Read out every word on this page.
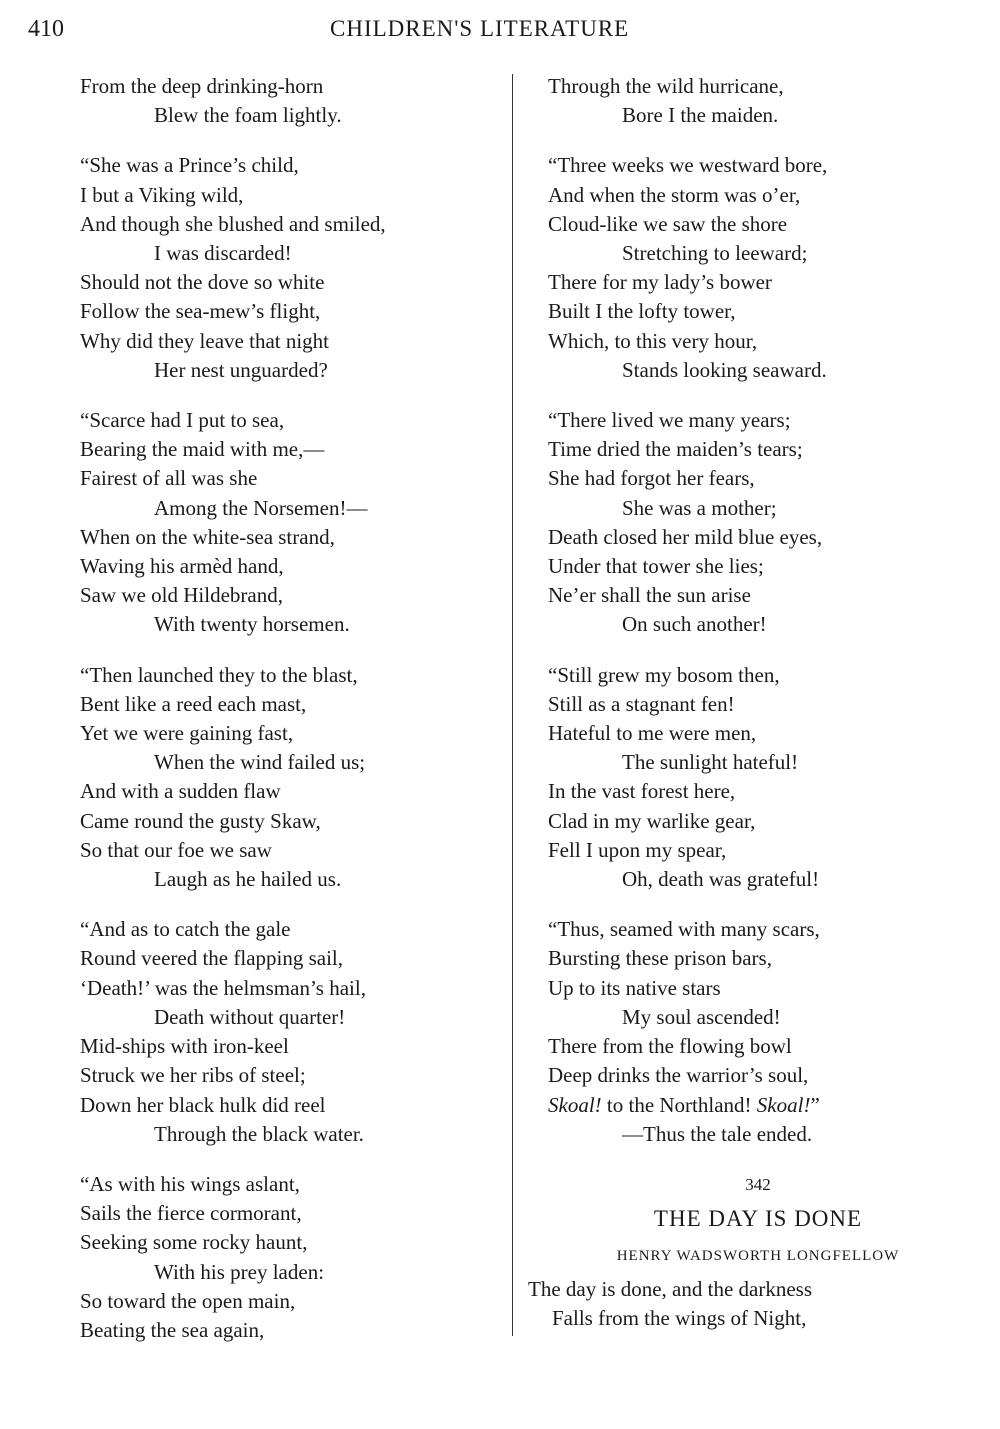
410	CHILDREN'S LITERATURE
From the deep drinking-horn
Blew the foam lightly.
“She was a Prince’s child,
I but a Viking wild,
And though she blushed and smiled,
I was discarded!
Should not the dove so white
Follow the sea-mew’s flight,
Why did they leave that night
Her nest unguarded?
“Scarce had I put to sea,
Bearing the maid with me,—
Fairest of all was she
Among the Norsemen!—
When on the white-sea strand,
Waving his armèd hand,
Saw we old Hildebrand,
With twenty horsemen.
“Then launched they to the blast,
Bent like a reed each mast,
Yet we were gaining fast,
When the wind failed us;
And with a sudden flaw
Came round the gusty Skaw,
So that our foe we saw
Laugh as he hailed us.
“And as to catch the gale
Round veered the flapping sail,
‘Death!’ was the helmsman’s hail,
Death without quarter!
Mid-ships with iron-keel
Struck we her ribs of steel;
Down her black hulk did reel
Through the black water.
“As with his wings aslant,
Sails the fierce cormorant,
Seeking some rocky haunt,
With his prey laden:
So toward the open main,
Beating the sea again,
Through the wild hurricane,
Bore I the maiden.
“Three weeks we westward bore,
And when the storm was o’er,
Cloud-like we saw the shore
Stretching to leeward;
There for my lady’s bower
Built I the lofty tower,
Which, to this very hour,
Stands looking seaward.
“There lived we many years;
Time dried the maiden’s tears;
She had forgot her fears,
She was a mother;
Death closed her mild blue eyes,
Under that tower she lies;
Ne’er shall the sun arise
On such another!
“Still grew my bosom then,
Still as a stagnant fen!
Hateful to me were men,
The sunlight hateful!
In the vast forest here,
Clad in my warlike gear,
Fell I upon my spear,
Oh, death was grateful!
“Thus, seamed with many scars,
Bursting these prison bars,
Up to its native stars
My soul ascended!
There from the flowing bowl
Deep drinks the warrior’s soul,
Skoal! to the Northland! Skoal!”
—Thus the tale ended.
342
THE DAY IS DONE
HENRY WADSWORTH LONGFELLOW
The day is done, and the darkness
Falls from the wings of Night,
